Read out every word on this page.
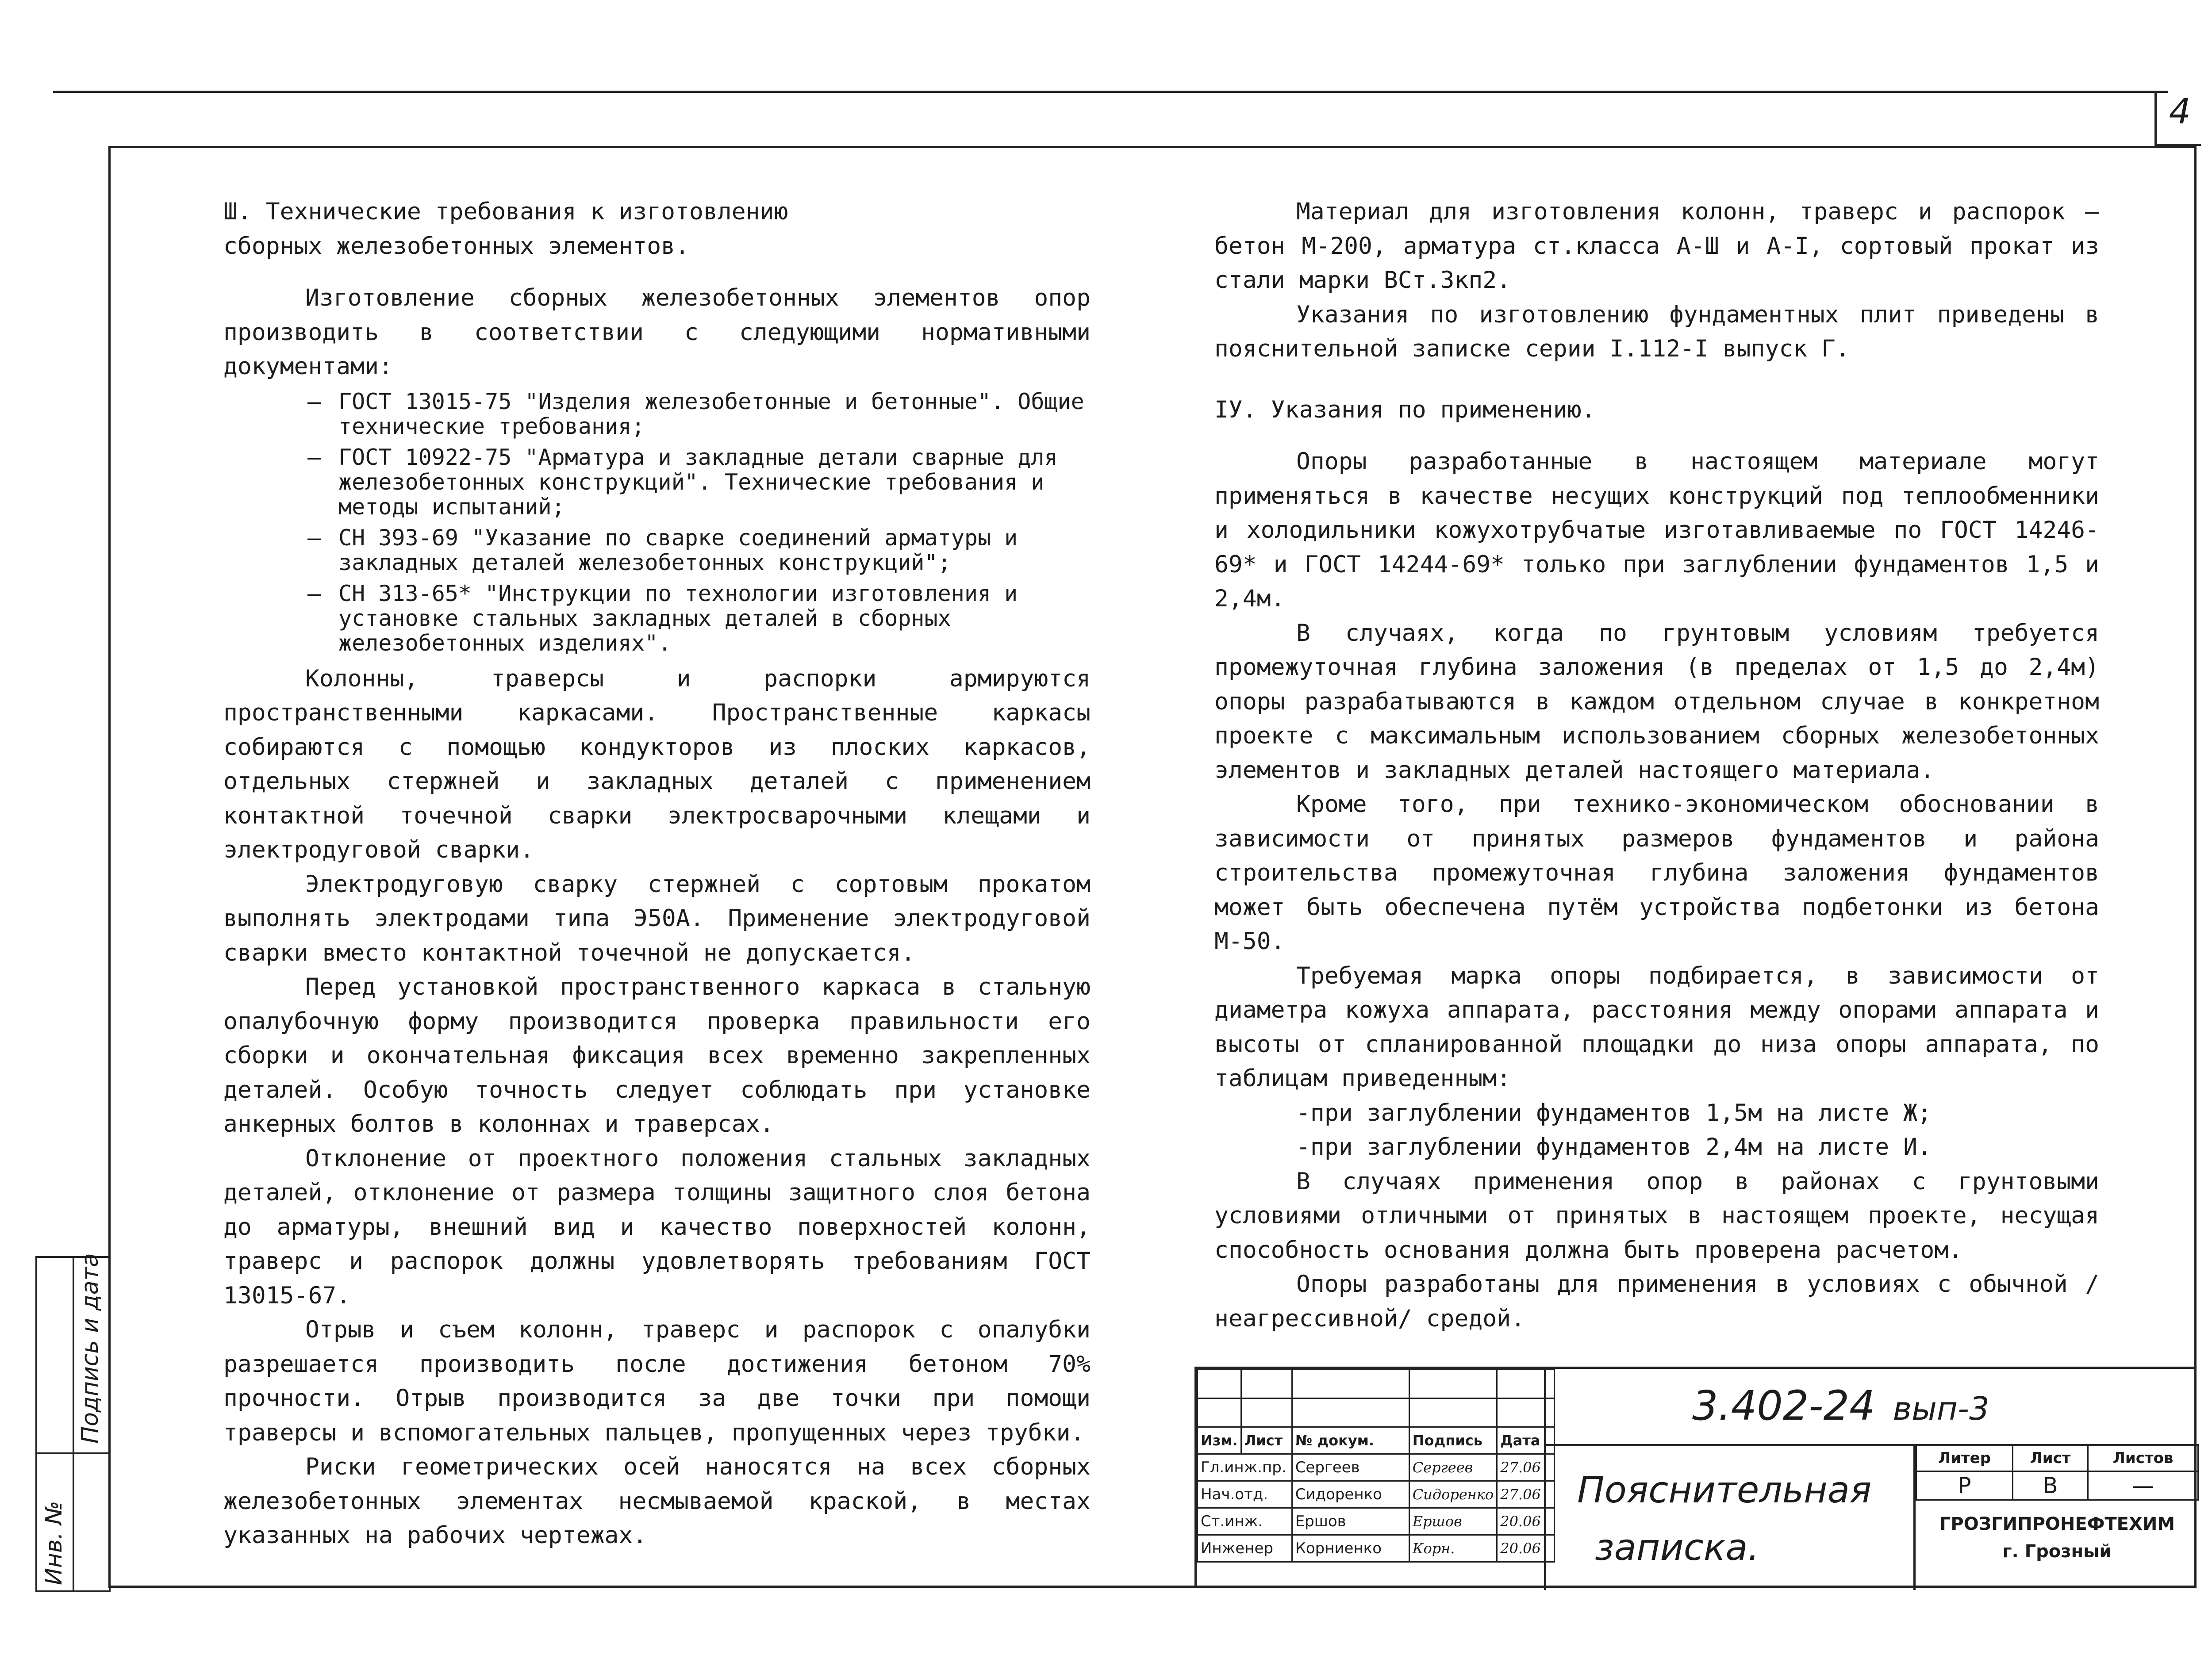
4

Ш. Технические требования к изготовлению

сборных железобетонных элементов.

Изготовление сборных железобетонных элементов опор производить в соответствии с следующими нормативными документами:

– ГОСТ 13015-75 "Изделия железобетонные и бетонные". Общие технические требования;
– ГОСТ 10922-75 "Арматура и закладные детали сварные для железобетонных конструкций". Технические требования и методы испытаний;
– СН 393-69 "Указание по сварке соединений арматуры и закладных деталей железобетонных конструкций";
– СН 313-65* "Инструкции по технологии изготовления и установке стальных закладных деталей в сборных железобетонных изделиях".

Колонны, траверсы и распорки армируются пространственными каркасами. Пространственные каркасы собираются с помощью кондукторов из плоских каркасов, отдельных стержней и закладных деталей с применением контактной точечной сварки электросварочными клещами и электродуговой сварки.

Электродуговую сварку стержней с сортовым прокатом выполнять электродами типа Э50А. Применение электродуговой сварки вместо контактной точечной не допускается.

Перед установкой пространственного каркаса в стальную опалубочную форму производится проверка правильности его сборки и окончательная фиксация всех временно закрепленных деталей. Особую точность следует соблюдать при установке анкерных болтов в колоннах и траверсах.

Отклонение от проектного положения стальных закладных деталей, отклонение от размера толщины защитного слоя бетона до арматуры, внешний вид и качество поверхностей колонн, траверс и распорок должны удовлетворять требованиям ГОСТ 13015-67.

Отрыв и съем колонн, траверс и распорок с опалубки разрешается производить после достижения бетоном 70% прочности. Отрыв производится за две точки при помощи траверсы и вспомогательных пальцев, пропущенных через трубки.

Риски геометрических осей наносятся на всех сборных железобетонных элементах несмываемой краской, в местах указанных на рабочих чертежах.

Материал для изготовления колонн, траверс и распорок – бетон М-200, арматура ст.класса А-Ш и А-I, сортовый прокат из стали марки ВСт.3кп2.

Указания по изготовлению фундаментных плит приведены в пояснительной записке серии I.112-I выпуск Г.

IУ. Указания по применению.

Опоры разработанные в настоящем материале могут применяться в качестве несущих конструкций под теплообменники и холодильники кожухотрубчатые изготавливаемые по ГОСТ 14246-69* и ГОСТ 14244-69* только при заглублении фундаментов 1,5 и 2,4м.

В случаях, когда по грунтовым условиям требуется промежуточная глубина заложения (в пределах от 1,5 до 2,4м) опоры разрабатываются в каждом отдельном случае в конкретном проекте с максимальным использованием сборных железобетонных элементов и закладных деталей настоящего материала.

Кроме того, при технико-экономическом обосновании в зависимости от принятых размеров фундаментов и района строительства промежуточная глубина заложения фундаментов может быть обеспечена путём устройства подбетонки из бетона М-50.

Требуемая марка опоры подбирается, в зависимости от диаметра кожуха аппарата, расстояния между опорами аппарата и высоты от спланированной площадки до низа опоры аппарата, по таблицам приведенным:

-при заглублении фундаментов 1,5м на листе Ж;

-при заглублении фундаментов 2,4м на листе И.

В случаях применения опор в районах с грунтовыми условиями отличными от принятых в настоящем проекте, несущая способность основания должна быть проверена расчетом.

Опоры разработаны для применения в условиях с обычной /неагрессивной/ средой.

Инв. №
Подпись и дата

					Изм.	Лист	№ докум.	Подпись	Дата
Гл.инж.пр.		Сергеев	Сергеев	27.06
Нач.отд.		Сидоренко	Сидоренко	27.06
Ст.инж.		Ершов	Ершов	20.06
Инженер		Корниенко	Корн.	20.06
3.402-24 вып-3
Пояснительная
записка.
Литер	Лист	Листов
Р	В	—
ГРОЗГИПРОНЕФТЕХИМ
г. Грозный
